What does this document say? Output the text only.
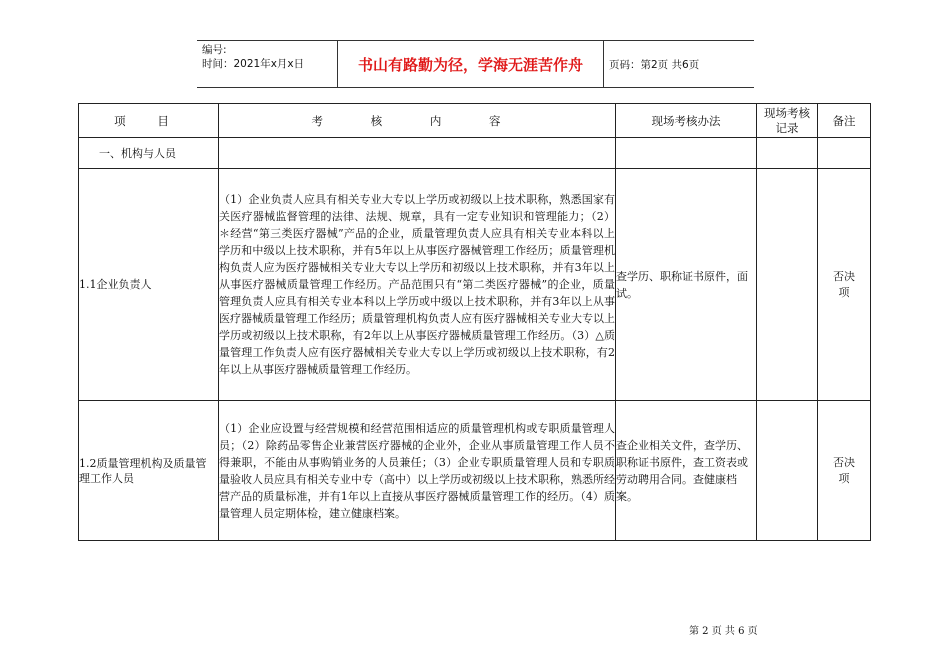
编号:
时间：2021年x月x日	书山有路勤为径，学海无涯苦作舟	页码：第2页 共6页
项 目	考 核 内 容	现场考核办法	现场考核记录	备注
一、机构与人员				
1.1企业负责人	（1）企业负责人应具有相关专业大专以上学历或初级以上技术职称，熟悉国家有关医疗器械监督管理的法律、法规、规章，具有一定专业知识和管理能力；（2）＊经营“第三类医疗器械”产品的企业，质量管理负责人应具有相关专业本科以上学历和中级以上技术职称，并有5年以上从事医疗器械管理工作经历；质量管理机构负责人应为医疗器械相关专业大专以上学历和初级以上技术职称，并有3年以上从事医疗器械质量管理工作经历。产品范围只有“第二类医疗器械”的企业，质量管理负责人应具有相关专业本科以上学历或中级以上技术职称，并有3年以上从事医疗器械质量管理工作经历；质量管理机构负责人应有医疗器械相关专业大专以上学历或初级以上技术职称，有2年以上从事医疗器械质量管理工作经历。（3）△质量管理工作负责人应有医疗器械相关专业大专以上学历或初级以上技术职称，有2年以上从事医疗器械质量管理工作经历。	查学历、职称证书原件，面试。		否决项
1.2质量管理机构及质量管理工作人员	（1）企业应设置与经营规模和经营范围相适应的质量管理机构或专职质量管理人员；（2）除药品零售企业兼营医疗器械的企业外，企业从事质量管理工作人员不得兼职，不能由从事购销业务的人员兼任；（3）企业专职质量管理人员和专职质量验收人员应具有相关专业中专（高中）以上学历或初级以上技术职称，熟悉所经营产品的质量标准，并有1年以上直接从事医疗器械质量管理工作的经历。（4）质量管理人员定期体检，建立健康档案。	查企业相关文件，查学历、职称证书原件，查工资表或劳动聘用合同。查健康档案。		否决项
第 2 页 共 6 页
